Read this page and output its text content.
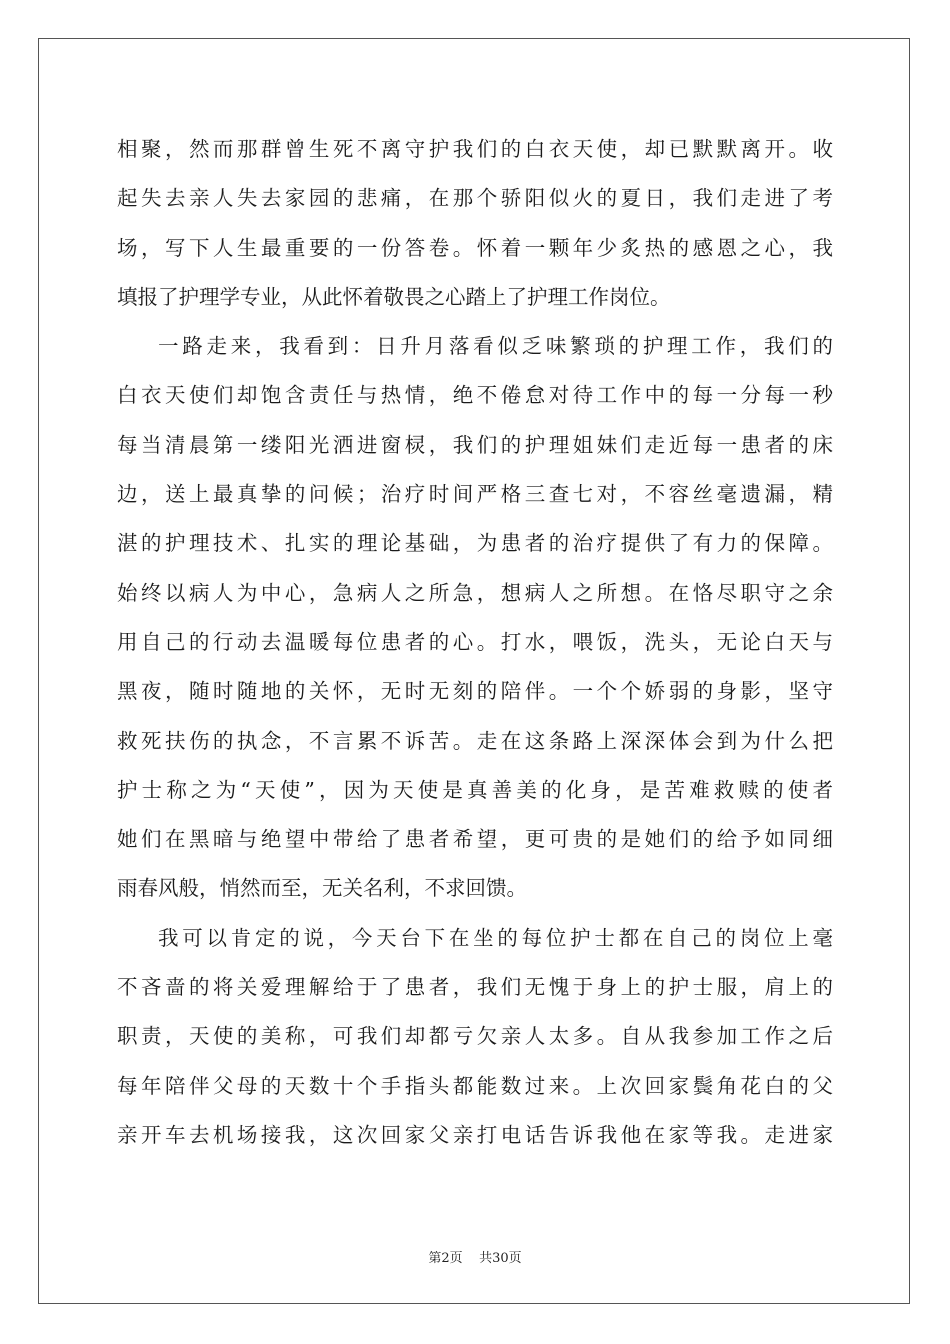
相聚，然而那群曾生死不离守护我们的白衣天使，却已默默离开。收
起失去亲人失去家园的悲痛，在那个骄阳似火的夏日，我们走进了考
场，写下人生最重要的一份答卷。怀着一颗年少炙热的感恩之心，我
填报了护理学专业，从此怀着敬畏之心踏上了护理工作岗位。
一路走来，我看到：日升月落看似乏味繁琐的护理工作，我们的
白衣天使们却饱含责任与热情，绝不倦怠对待工作中的每一分每一秒
每当清晨第一缕阳光洒进窗棂，我们的护理姐妹们走近每一患者的床
边，送上最真挚的问候；治疗时间严格三查七对，不容丝毫遗漏，精
湛的护理技术、扎实的理论基础，为患者的治疗提供了有力的保障。
始终以病人为中心，急病人之所急，想病人之所想。在恪尽职守之余
用自己的行动去温暖每位患者的心。打水，喂饭，洗头，无论白天与
黑夜，随时随地的关怀，无时无刻的陪伴。一个个娇弱的身影，坚守
救死扶伤的执念，不言累不诉苦。走在这条路上深深体会到为什么把
护士称之为“天使”，因为天使是真善美的化身，是苦难救赎的使者
她们在黑暗与绝望中带给了患者希望，更可贵的是她们的给予如同细
雨春风般，悄然而至，无关名利，不求回馈。
我可以肯定的说，今天台下在坐的每位护士都在自己的岗位上毫
不吝啬的将关爱理解给于了患者，我们无愧于身上的护士服，肩上的
职责，天使的美称，可我们却都亏欠亲人太多。自从我参加工作之后
每年陪伴父母的天数十个手指头都能数过来。上次回家鬓角花白的父
亲开车去机场接我，这次回家父亲打电话告诉我他在家等我。走进家
第2页    共30页
